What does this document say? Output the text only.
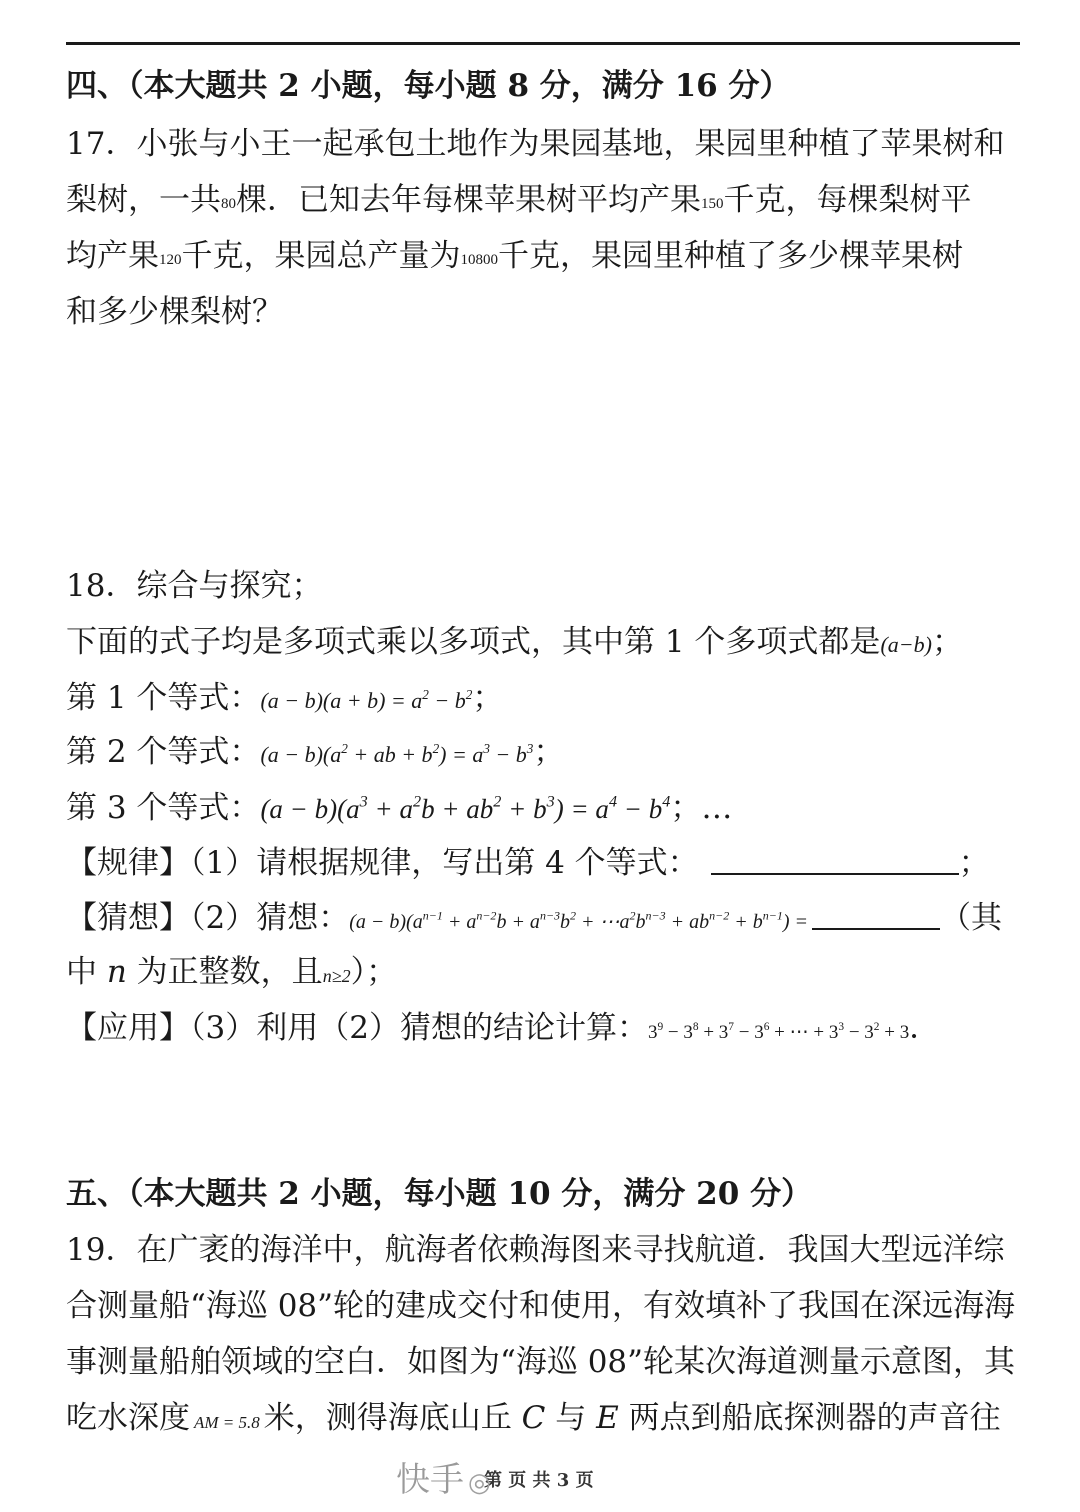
四、（本大题共 2 小题，每小题 8 分，满分 16 分）
17．小张与小王一起承包土地作为果园基地，果园里种植了苹果树和
梨树，一共80棵．已知去年每棵苹果树平均产果150千克，每棵梨树平
均产果120千克，果园总产量为10800千克，果园里种植了多少棵苹果树
和多少棵梨树？
18．综合与探究；
下面的式子均是多项式乘以多项式，其中第 1 个多项式都是(a−b)；
第 1 个等式：$(a - b)(a + b) = a^2 - b^2$；
第 2 个等式：$(a - b)(a^2$ + ab + $b^2) = a^3 - b^3$；
第 3 个等式：$(a - b)(a^3 + a^2b + ab^2 + b^3) = a^4 - b^4$；…
【规律】（1）请根据规律，写出第 4 个等式：	；
【猜想】（2）猜想：$(a - b)(a^{n-1} + a^{n-2}b + a^{n-3}b^2$ + $\cdots a^2b^{n-3} + ab^{n-2} + b^{n-1}$) =	（其
中 n 为正整数，且n≥2）；
【应用】（3）利用（2）猜想的结论计算：$3^9 - 3^8 + 3^7 - 3^6$ + ⋯ + $3^3 - 3^2 + 3$．
五、（本大题共 2 小题，每小题 10 分，满分 20 分）
19．在广袤的海洋中，航海者依赖海图来寻找航道．我国大型远洋综
合测量船“海巡 08”轮的建成交付和使用，有效填补了我国在深远海海
事测量船舶领域的空白．如图为“海巡 08”轮某次海道测量示意图，其
吃水深度 AM = 5.8 米，测得海底山丘 C 与 E 两点到船底探测器的声音往
第 页 共 3 页
快手 ◎
